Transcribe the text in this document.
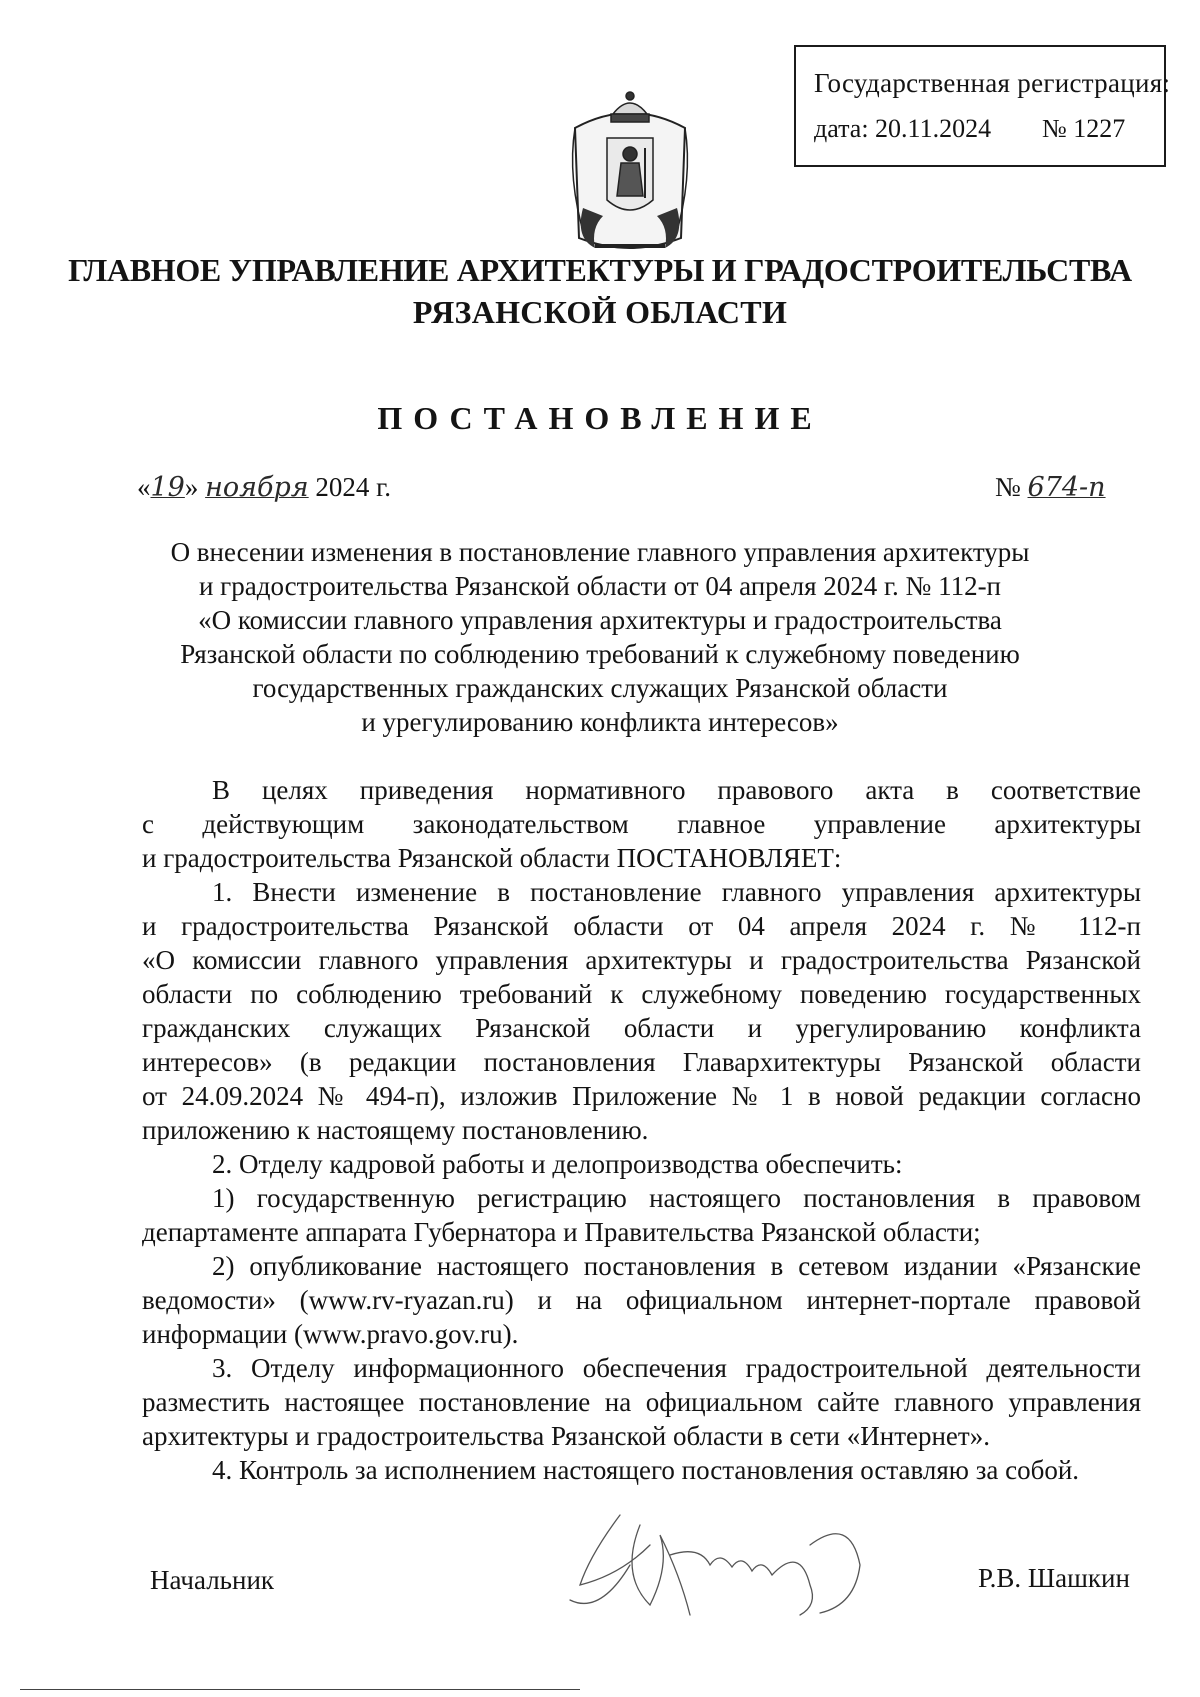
Государственная регистрация:
дата: 20.11.2024 № 1227
ГЛАВНОЕ УПРАВЛЕНИЕ АРХИТЕКТУРЫ И ГРАДОСТРОИТЕЛЬСТВА
РЯЗАНСКОЙ ОБЛАСТИ
ПОСТАНОВЛЕНИЕ
«19» ноября 2024 г.	№ 674-п
О внесении изменения в постановление главного управления архитектуры
и градостроительства Рязанской области от 04 апреля 2024 г. № 112-п
«О комиссии главного управления архитектуры и градостроительства
Рязанской области по соблюдению требований к служебному поведению
государственных гражданских служащих Рязанской области
и урегулированию конфликта интересов»
В целях приведения нормативного правового акта в соответствие
с действующим законодательством главное управление архитектуры
и градостроительства Рязанской области ПОСТАНОВЛЯЕТ:
1. Внести изменение в постановление главного управления архитектуры
и градостроительства Рязанской области от 04 апреля 2024 г. № 112-п
«О комиссии главного управления архитектуры и градостроительства Рязанской
области по соблюдению требований к служебному поведению государственных
гражданских служащих Рязанской области и урегулированию конфликта
интересов» (в редакции постановления Главархитектуры Рязанской области
от 24.09.2024 № 494-п), изложив Приложение № 1 в новой редакции согласно
приложению к настоящему постановлению.
2. Отделу кадровой работы и делопроизводства обеспечить:
1) государственную регистрацию настоящего постановления в правовом
департаменте аппарата Губернатора и Правительства Рязанской области;
2) опубликование настоящего постановления в сетевом издании «Рязанские
ведомости» (www.rv-ryazan.ru) и на официальном интернет-портале правовой
информации (www.pravo.gov.ru).
3. Отделу информационного обеспечения градостроительной деятельности
разместить настоящее постановление на официальном сайте главного управления
архитектуры и градостроительства Рязанской области в сети «Интернет».
4. Контроль за исполнением настоящего постановления оставляю за собой.
Начальник	Р.В. Шашкин
